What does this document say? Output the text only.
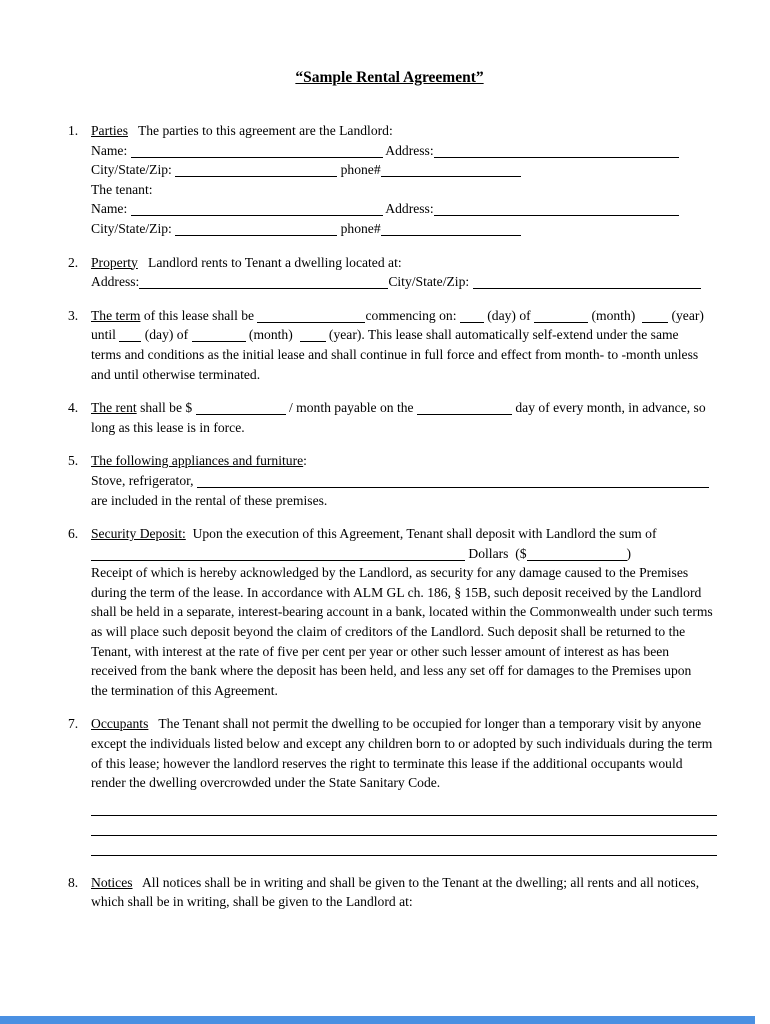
“Sample Rental Agreement”
1. Parties   The parties to this agreement are the Landlord:
Name:	Address:
City/State/Zip:	phone#
The tenant:
Name:	Address:
City/State/Zip:	phone#
2. Property   Landlord rents to Tenant a dwelling located at:
Address:	City/State/Zip:
3. The term of this lease shall be	commencing on:  (day) of	(month)   (year)
until  (day) of	(month)   (year). This lease shall automatically self-extend under the same
terms and conditions as the initial lease and shall continue in full force and effect from month- to -month unless
and until otherwise terminated.
4. The rent shall be $	/ month payable on the	day of every month, in advance, so
long as this lease is in force.
5. The following appliances and furniture:
Stove, refrigerator,
are included in the rental of these premises.
6. Security Deposit:  Upon the execution of this Agreement, Tenant shall deposit with Landlord the sum of
Dollars  ($	)
Receipt of which is hereby acknowledged by the Landlord, as security for any damage caused to the Premises
during the term of the lease. In accordance with ALM GL ch. 186, § 15B, such deposit received by the Landlord
shall be held in a separate, interest-bearing account in a bank, located within the Commonwealth under such terms
as will place such deposit beyond the claim of creditors of the Landlord. Such deposit shall be returned to the
Tenant, with interest at the rate of five per cent per year or other such lesser amount of interest as has been
received from the bank where the deposit has been held, and less any set off for damages to the Premises upon
the termination of this Agreement.
7. Occupants   The Tenant shall not permit the dwelling to be occupied for longer than a temporary visit by anyone
except the individuals listed below and except any children born to or adopted by such individuals during the term
of this lease; however the landlord reserves the right to terminate this lease if the additional occupants would
render the dwelling overcrowded under the State Sanitary Code.
8. Notices   All notices shall be in writing and shall be given to the Tenant at the dwelling; all rents and all notices,
which shall be in writing, shall be given to the Landlord at:
